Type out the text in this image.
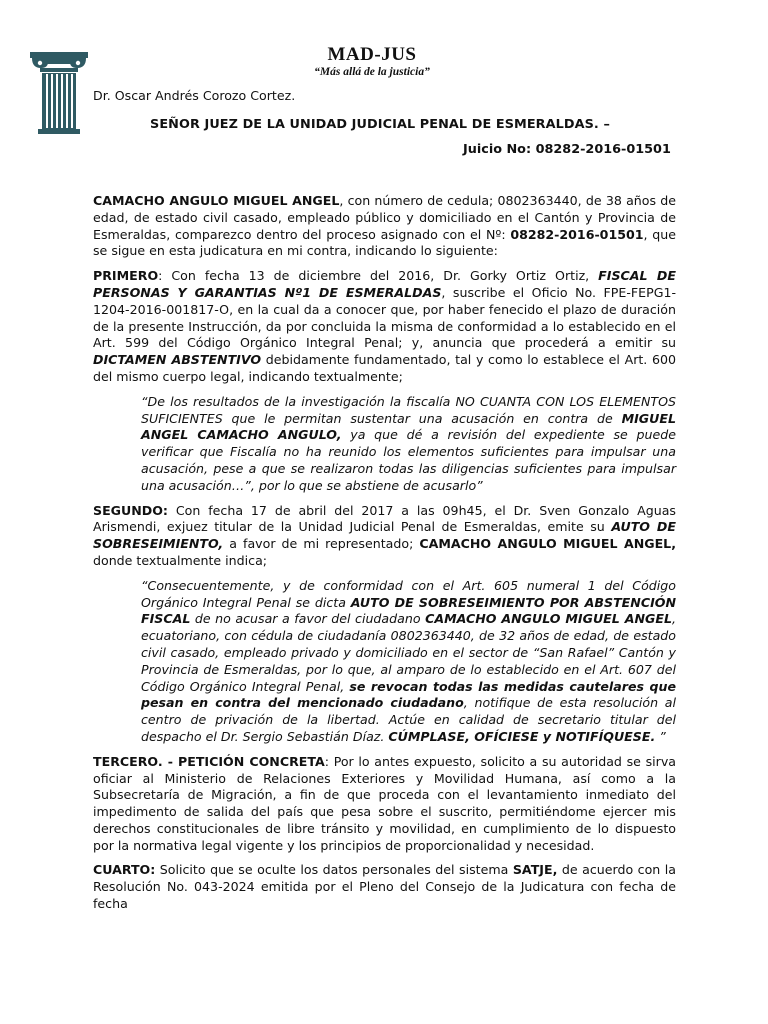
MAD-JUS
“Más allá de la justicia”
Dr. Oscar Andrés Corozo Cortez.
SEÑOR JUEZ DE LA UNIDAD JUDICIAL PENAL DE ESMERALDAS. –
Juicio No: 08282-2016-01501

CAMACHO ANGULO MIGUEL ANGEL, con número de cedula; 0802363440, de 38 años de edad, de estado civil casado, empleado público y domiciliado en el Cantón y Provincia de Esmeraldas, comparezco dentro del proceso asignado con el Nº: 08282-2016-01501, que se sigue en esta judicatura en mi contra, indicando lo siguiente:

PRIMERO: Con fecha 13 de diciembre del 2016, Dr. Gorky Ortiz Ortiz, FISCAL DE PERSONAS Y GARANTIAS Nº1 DE ESMERALDAS, suscribe el Oficio No. FPE-FEPG1-1204-2016-001817-O, en la cual da a conocer que, por haber fenecido el plazo de duración de la presente Instrucción, da por concluida la misma de conformidad a lo establecido en el Art. 599 del Código Orgánico Integral Penal; y, anuncia que procederá a emitir su DICTAMEN ABSTENTIVO debidamente fundamentado, tal y como lo establece el Art. 600 del mismo cuerpo legal, indicando textualmente;

“De los resultados de la investigación la fiscalía NO CUANTA CON LOS ELEMENTOS SUFICIENTES que le permitan sustentar una acusación en contra de MIGUEL ANGEL CAMACHO ANGULO, ya que dé a revisión del expediente se puede verificar que Fiscalía no ha reunido los elementos suficientes para impulsar una acusación, pese a que se realizaron todas las diligencias suficientes para impulsar una acusación…”, por lo que se abstiene de acusarlo”

SEGUNDO: Con fecha 17 de abril del 2017 a las 09h45, el Dr. Sven Gonzalo Aguas Arismendi, exjuez titular de la Unidad Judicial Penal de Esmeraldas, emite su AUTO DE SOBRESEIMIENTO, a favor de mi representado; CAMACHO ANGULO MIGUEL ANGEL, donde textualmente indica;

“Consecuentemente, y de conformidad con el Art. 605 numeral 1 del Código Orgánico Integral Penal se dicta AUTO DE SOBRESEIMIENTO POR ABSTENCIÓN FISCAL de no acusar a favor del ciudadano CAMACHO ANGULO MIGUEL ANGEL, ecuatoriano, con cédula de ciudadanía 0802363440, de 32 años de edad, de estado civil casado, empleado privado y domiciliado en el sector de “San Rafael” Cantón y Provincia de Esmeraldas, por lo que, al amparo de lo establecido en el Art. 607 del Código Orgánico Integral Penal, se revocan todas las medidas cautelares que pesan en contra del mencionado ciudadano, notifique de esta resolución al centro de privación de la libertad. Actúe en calidad de secretario titular del despacho el Dr. Sergio Sebastián Díaz. CÚMPLASE, OFÍCIESE y NOTIFÍQUESE. ”

TERCERO. - PETICIÓN CONCRETA: Por lo antes expuesto, solicito a su autoridad se sirva oficiar al Ministerio de Relaciones Exteriores y Movilidad Humana, así como a la Subsecretaría de Migración, a fin de que proceda con el levantamiento inmediato del impedimento de salida del país que pesa sobre el suscrito, permitiéndome ejercer mis derechos constitucionales de libre tránsito y movilidad, en cumplimiento de lo dispuesto por la normativa legal vigente y los principios de proporcionalidad y necesidad.

CUARTO: Solicito que se oculte los datos personales del sistema SATJE, de acuerdo con la Resolución No. 043-2024 emitida por el Pleno del Consejo de la Judicatura con fecha de fecha
